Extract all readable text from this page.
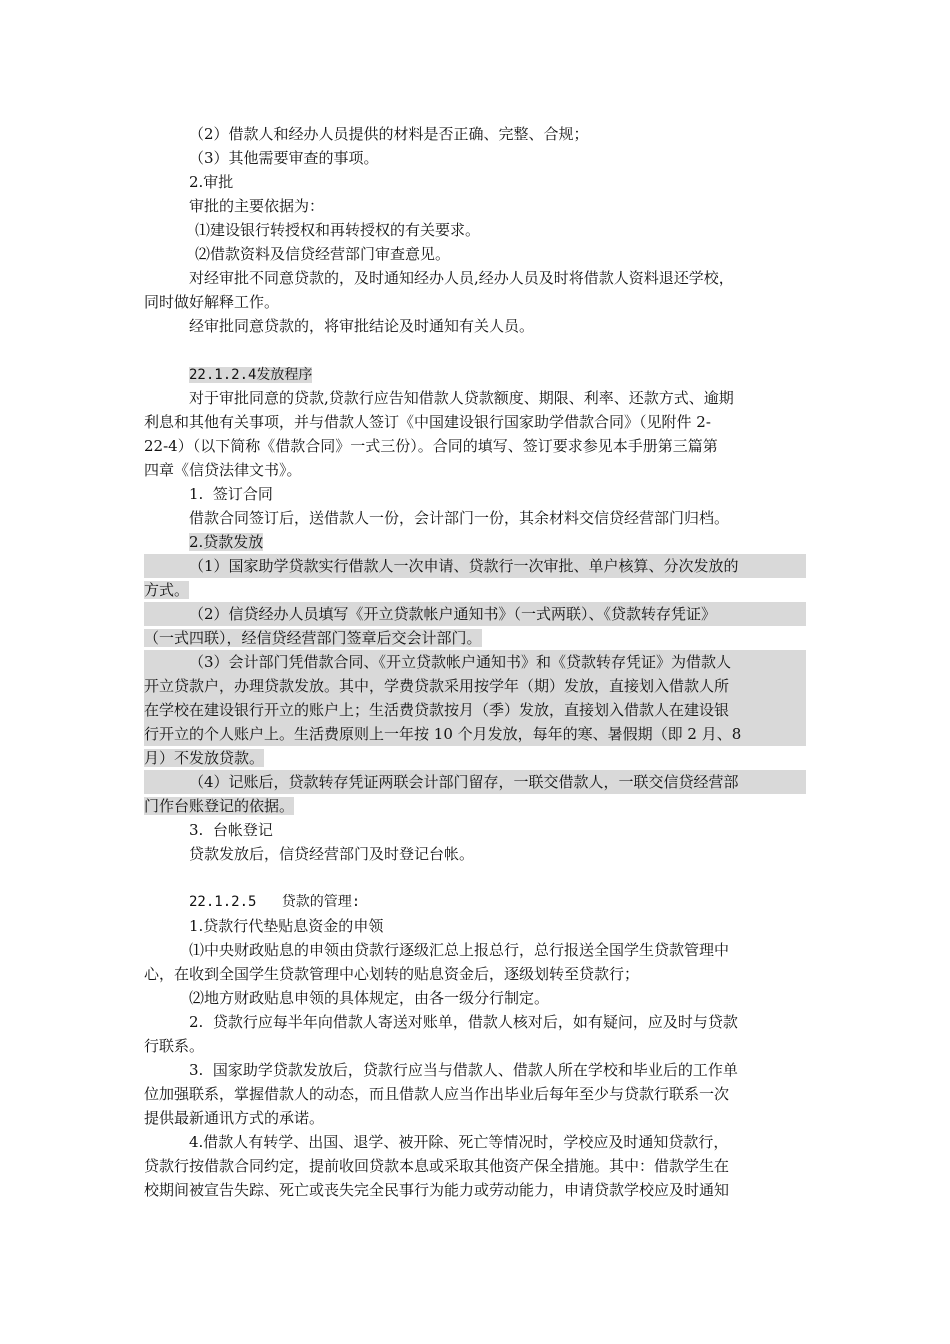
（2）借款人和经办人员提供的材料是否正确、完整、合规；
（3）其他需要审查的事项。
2.审批
审批的主要依据为：
⑴建设银行转授权和再转授权的有关要求。
⑵借款资料及信贷经营部门审查意见。
对经审批不同意贷款的，及时通知经办人员,经办人员及时将借款人资料退还学校，
同时做好解释工作。
经审批同意贷款的，将审批结论及时通知有关人员。
22.1.2.4发放程序
对于审批同意的贷款,贷款行应告知借款人贷款额度、期限、利率、还款方式、逾期
利息和其他有关事项，并与借款人签订《中国建设银行国家助学借款合同》（见附件 2-
22-4）（以下简称《借款合同》一式三份）。合同的填写、签订要求参见本手册第三篇第
四章《信贷法律文书》。
1.  签订合同
借款合同签订后，送借款人一份，会计部门一份，其余材料交信贷经营部门归档。
2.贷款发放
（1）国家助学贷款实行借款人一次申请、贷款行一次审批、单户核算、分次发放的
方式。
（2）信贷经办人员填写《开立贷款帐户通知书》（一式两联）、《贷款转存凭证》
（一式四联），经信贷经营部门签章后交会计部门。
（3）会计部门凭借款合同、《开立贷款帐户通知书》和《贷款转存凭证》为借款人
开立贷款户，办理贷款发放。其中，学费贷款采用按学年（期）发放，直接划入借款人所
在学校在建设银行开立的账户上；生活费贷款按月（季）发放，直接划入借款人在建设银
行开立的个人账户上。生活费原则上一年按 10 个月发放，每年的寒、暑假期（即 2 月、8
月）不发放贷款。
（4）记账后，贷款转存凭证两联会计部门留存，一联交借款人，一联交信贷经营部
门作台账登记的依据。
3.  台帐登记
贷款发放后，信贷经营部门及时登记台帐。
22.1.2.5   贷款的管理:
1.贷款行代垫贴息资金的申领
⑴中央财政贴息的申领由贷款行逐级汇总上报总行，总行报送全国学生贷款管理中
心，在收到全国学生贷款管理中心划转的贴息资金后，逐级划转至贷款行；
⑵地方财政贴息申领的具体规定，由各一级分行制定。
2.  贷款行应每半年向借款人寄送对账单，借款人核对后，如有疑问，应及时与贷款
行联系。
3.  国家助学贷款发放后，贷款行应当与借款人、借款人所在学校和毕业后的工作单
位加强联系，掌握借款人的动态，而且借款人应当作出毕业后每年至少与贷款行联系一次
提供最新通讯方式的承诺。
4.借款人有转学、出国、退学、被开除、死亡等情况时，学校应及时通知贷款行，
贷款行按借款合同约定，提前收回贷款本息或采取其他资产保全措施。其中：借款学生在
校期间被宣告失踪、死亡或丧失完全民事行为能力或劳动能力，申请贷款学校应及时通知
